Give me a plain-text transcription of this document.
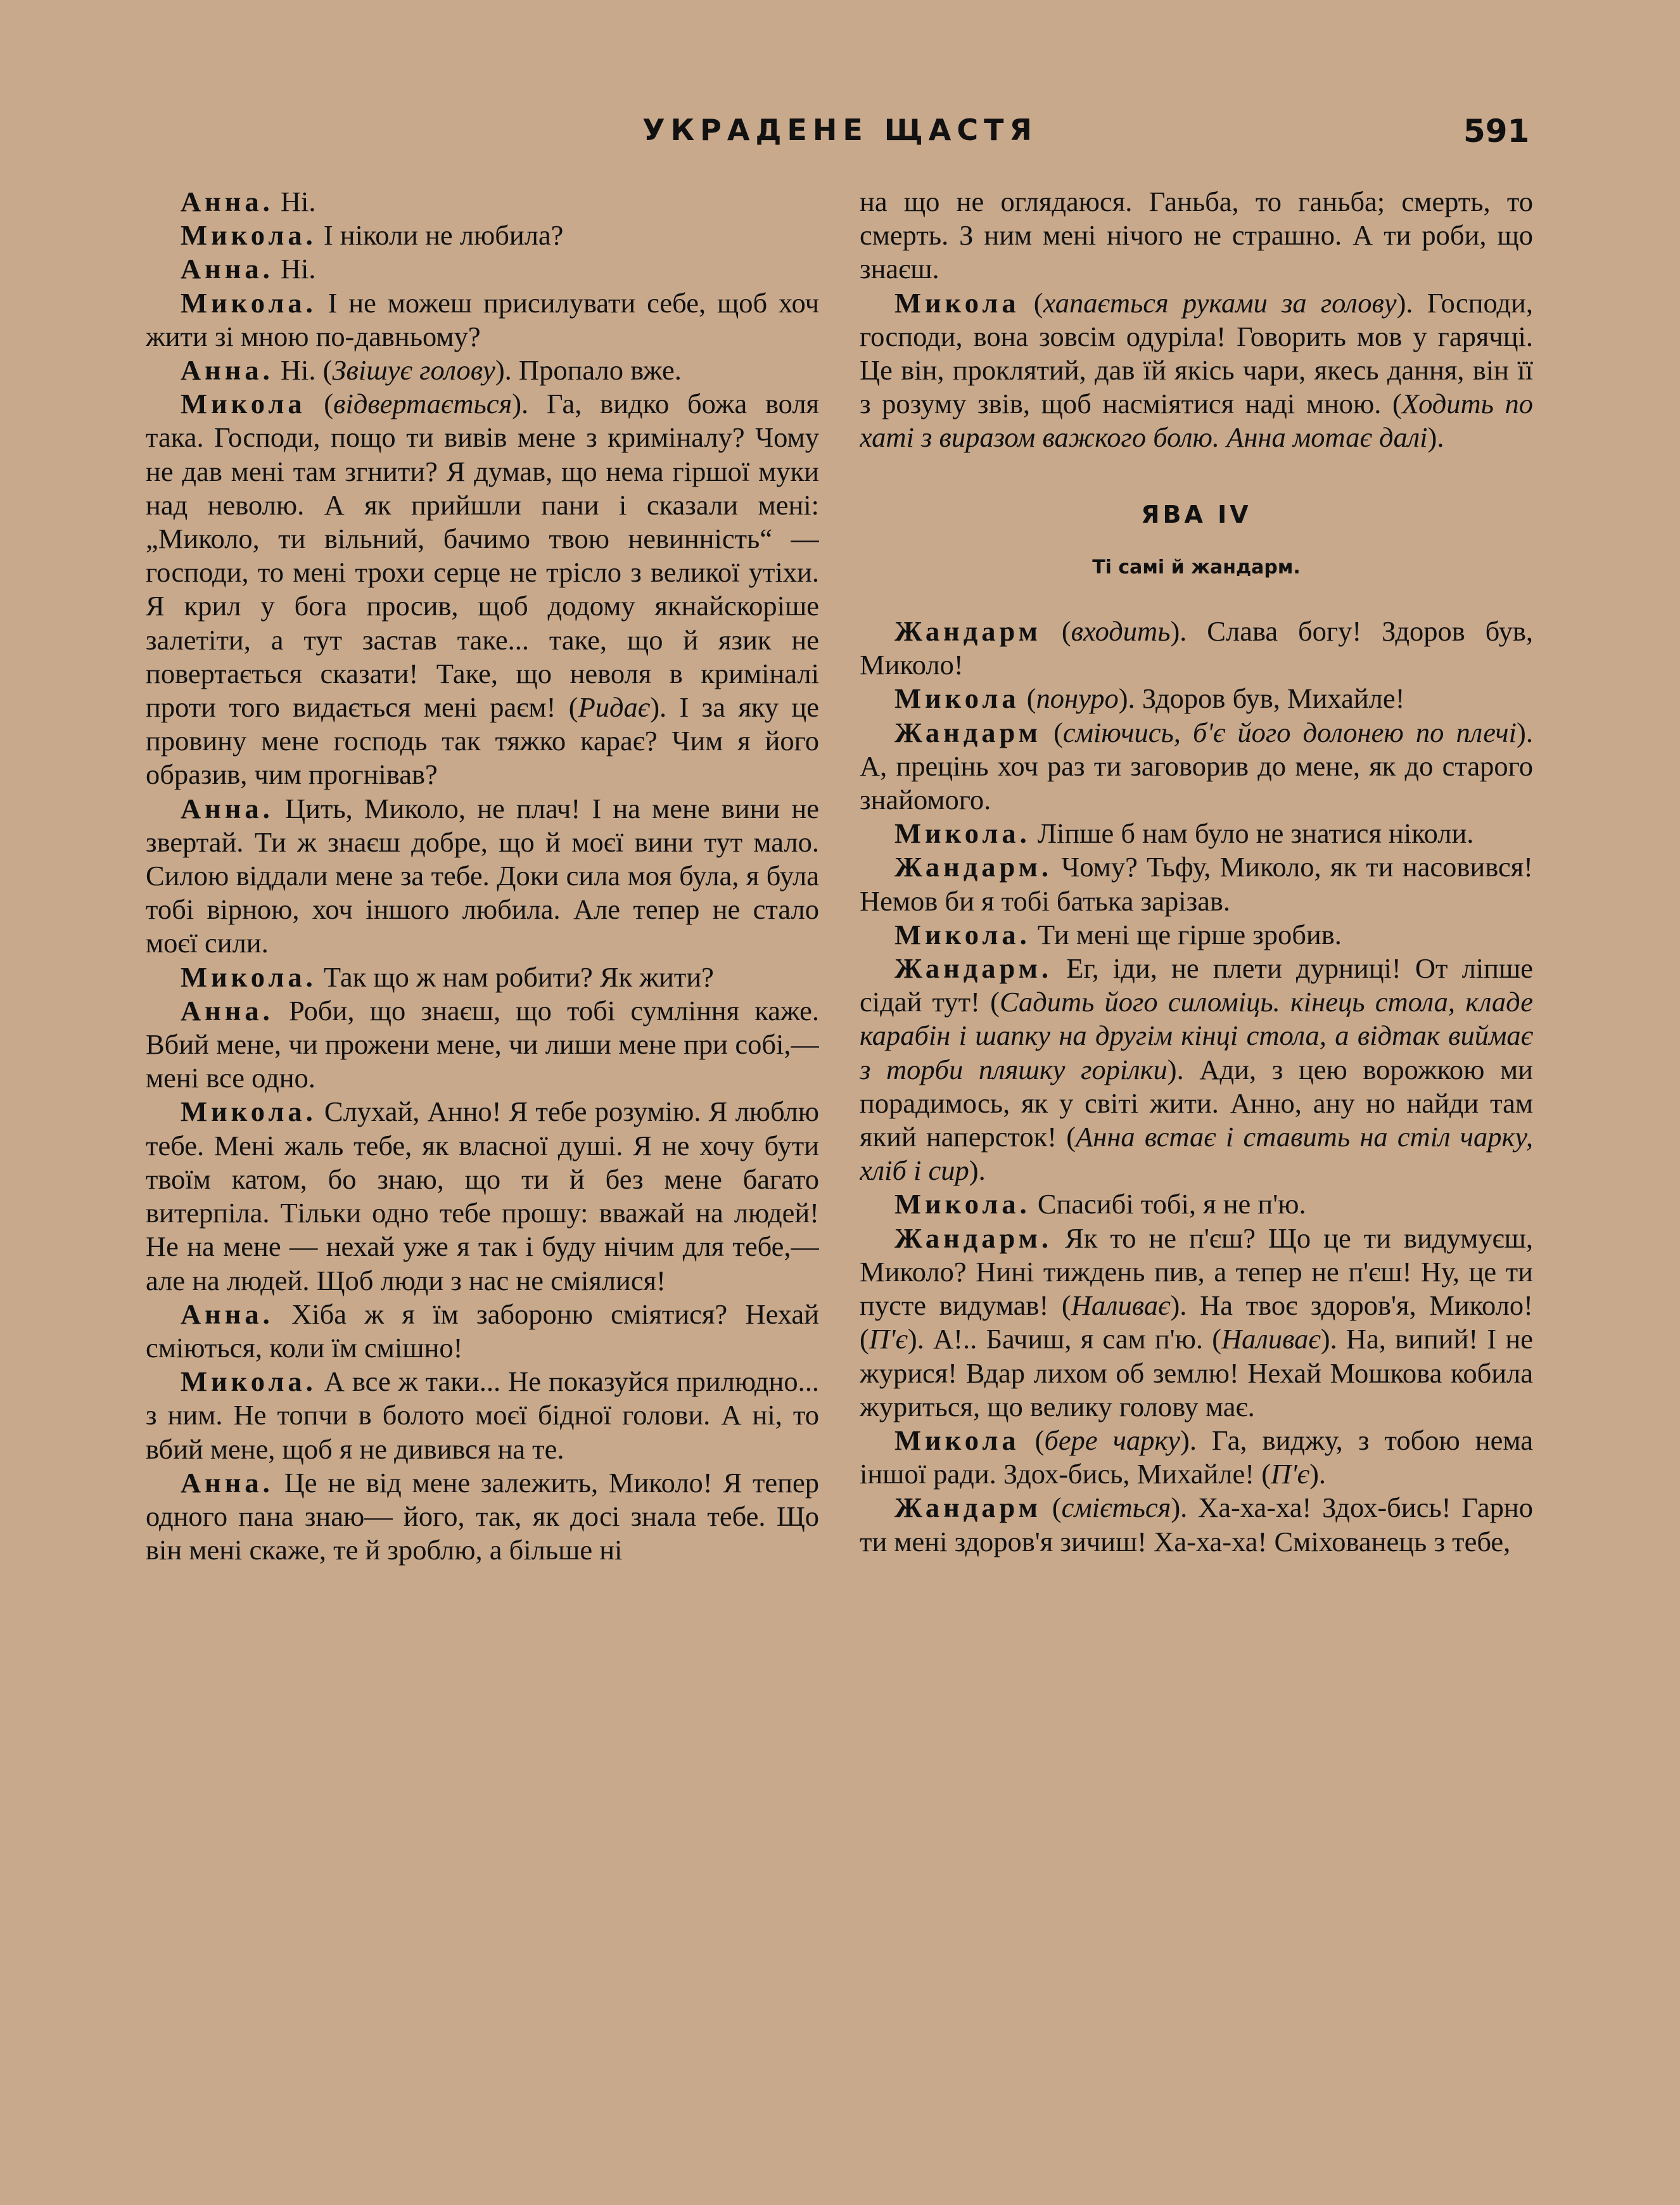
УКРАДЕНЕ ЩАСТЯ	591

Анна. Ні.

Микола. І ніколи не любила?

Анна. Ні.

Микола. І не можеш присилувати себе, щоб хоч жити зі мною по-давньому?

Анна. Ні. (Звішує голову). Пропало вже.

Микола (відвертається). Га, видко божа воля така. Господи, пощо ти вивів мене з криміналу? Чому не дав мені там згнити? Я думав, що нема гіршої муки над неволю. А як прийшли пани і сказали мені: „Миколо, ти вільний, бачимо твою невинність“ — господи, то мені трохи серце не трісло з великої утіхи. Я крил у бога просив, щоб додому якнайскоріше залетіти, а тут застав таке... таке, що й язик не повертається сказати! Таке, що неволя в криміналі проти того видається мені раєм! (Ридає). І за яку це провину мене господь так тяжко карає? Чим я його образив, чим прогнівав?

Анна. Цить, Миколо, не плач! І на мене вини не звертай. Ти ж знаєш добре, що й моєї вини тут мало. Силою віддали мене за тебе. Доки сила моя була, я була тобі вірною, хоч іншого любила. Але тепер не стало моєї сили.

Микола. Так що ж нам робити? Як жити?

Анна. Роби, що знаєш, що тобі сумління каже. Вбий мене, чи прожени мене, чи лиши мене при собі,— мені все одно.

Микола. Слухай, Анно! Я тебе розумію. Я люблю тебе. Мені жаль тебе, як власної душі. Я не хочу бути твоїм катом, бо знаю, що ти й без мене багато витерпіла. Тільки одно тебе прошу: вважай на людей! Не на мене — нехай уже я так і буду нічим для тебе,— але на людей. Щоб люди з нас не сміялися!

Анна. Хіба ж я їм забороню сміятися? Нехай сміються, коли їм смішно!

Микола. А все ж таки... Не показуйся прилюдно... з ним. Не топчи в болото моєї бідної голови. А ні, то вбий мене, щоб я не дивився на те.

Анна. Це не від мене залежить, Миколо! Я тепер одного пана знаю— його, так, як досі знала тебе. Що він мені скаже, те й зроблю, а більше ні

на що не оглядаюся. Ганьба, то ганьба; смерть, то смерть. З ним мені нічого не страшно. А ти роби, що знаєш.

Микола (хапається руками за голову). Господи, господи, вона зовсім одуріла! Говорить мов у гарячці. Це він, проклятий, дав їй якісь чари, якесь дання, він її з розуму звів, щоб насміятися наді мною. (Ходить по хаті з виразом важкого болю. Анна мотає далі).

ЯВА IV
Ті самі й жандарм.

Жандарм (входить). Слава богу! Здоров був, Миколо!

Микола (понуро). Здоров був, Михайле!

Жандарм (сміючись, б'є його долонею по плечі). А, прецінь хоч раз ти заговорив до мене, як до старого знайомого.

Микола. Ліпше б нам було не знатися ніколи.

Жандарм. Чому? Тьфу, Миколо, як ти насовився! Немов би я тобі батька зарізав.

Микола. Ти мені ще гірше зробив.

Жандарм. Ег, іди, не плети дурниці! От ліпше сідай тут! (Садить його силоміць. кінець стола, кладе карабін і шапку на другім кінці стола, а відтак виймає з торби пляшку горілки). Ади, з цею ворожкою ми порадимось, як у світі жити. Анно, ану но найди там який наперсток! (Анна встає і ставить на стіл чарку, хліб і сир).

Микола. Спасибі тобі, я не п'ю.

Жандарм. Як то не п'єш? Що це ти видумуєш, Миколо? Нині тиждень пив, а тепер не п'єш! Ну, це ти пусте видумав! (Наливає). На твоє здоров'я, Миколо! (П'є). А!.. Бачиш, я сам п'ю. (Наливає). На, випий! І не журися! Вдар лихом об землю! Нехай Мошкова кобила журиться, що велику голову має.

Микола (бере чарку). Га, виджу, з тобою нема іншої ради. Здох-бись, Михайле! (П'є).

Жандарм (сміється). Ха-ха-ха! Здох-бись! Гарно ти мені здоров'я зичиш! Ха-ха-ха! Сміхованець з тебе,
